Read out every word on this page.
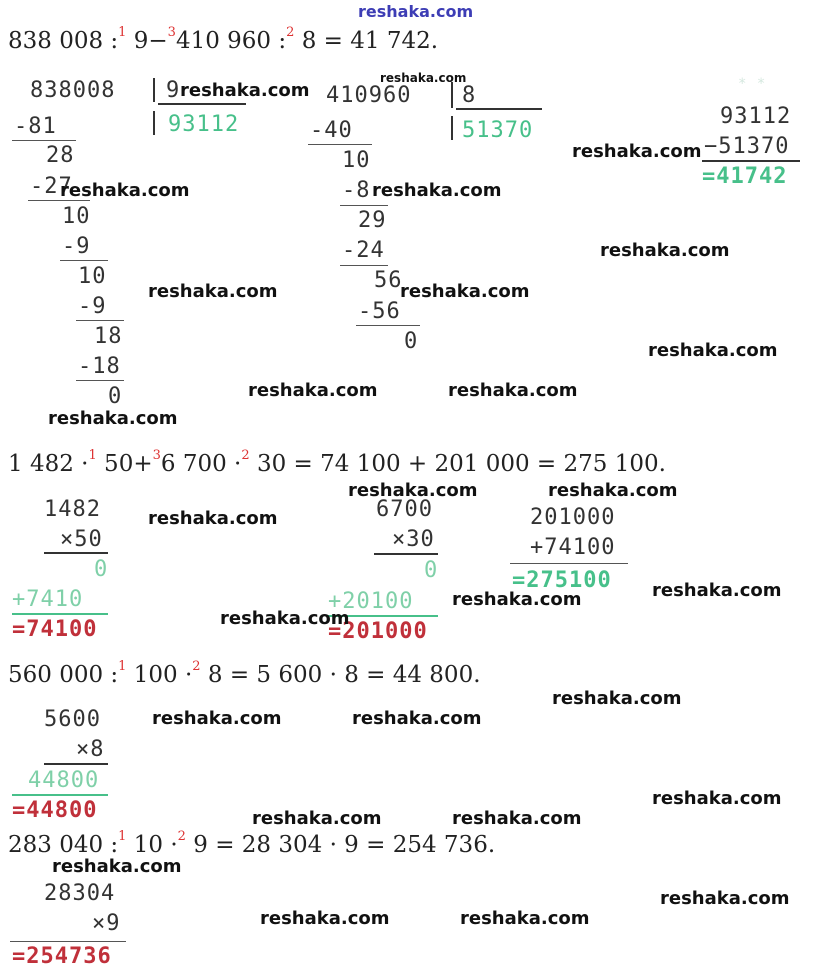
reshaka.com
838 008 :$^1$ 9−$^3$410 960 :$^2$ 8 = 41 742.
838008 9
93112
-81
28
-27
10
-9
10
-9
18
-18
0
410960 8
51370
-40
10
-8
29
-24
56
-56
0
* *
93112
−51370
=41742
1 482 ·$^1$ 50+$^3$6 700 ·$^2$ 30 = 74 100 + 201 000 = 275 100.
1482
×50
0
+7410
=74100
6700
×30
0
+20100
=201000
201000
+74100
=275100
560 000 :$^1$ 100 ·$^2$ 8 = 5 600 · 8 = 44 800.
5600
×8
44800
=44800
283 040 :$^1$ 10 ·$^2$ 9 = 28 304 · 9 = 254 736.
28304
×9
=254736
reshaka.com
reshaka.com
reshaka.com
reshaka.com	reshaka.com
reshaka.com
reshaka.com	reshaka.com
reshaka.com
reshaka.com	reshaka.com
reshaka.com
reshaka.com	reshaka.com
reshaka.com
reshaka.com
reshaka.com
reshaka.com
reshaka.com
reshaka.com	reshaka.com
reshaka.com
reshaka.com	reshaka.com
reshaka.com
reshaka.com
reshaka.com	reshaka.com
